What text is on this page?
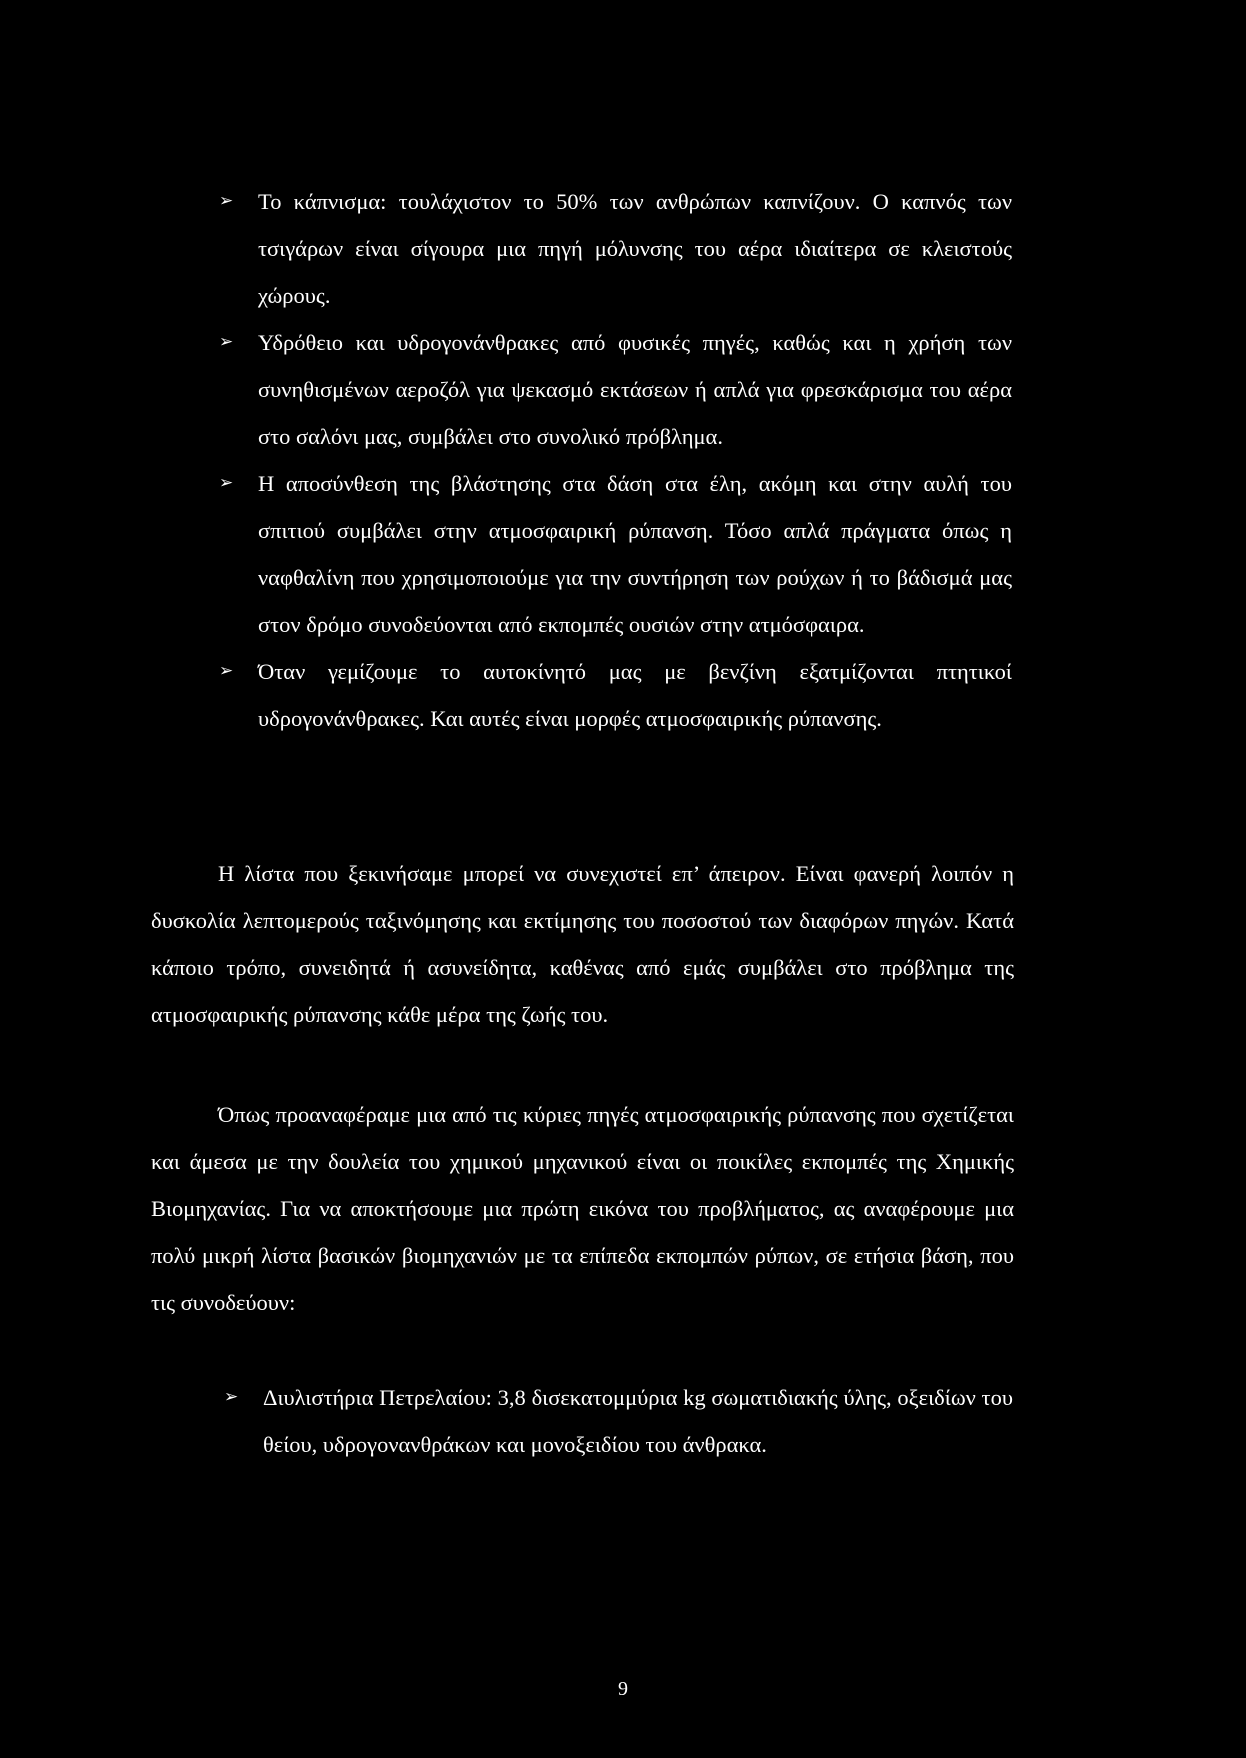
➢ Το κάπνισμα: τουλάχιστον το 50% των ανθρώπων καπνίζουν. Ο καπνός των τσιγάρων είναι σίγουρα μια πηγή μόλυνσης του αέρα ιδιαίτερα σε κλειστούς χώρους.
➢ Υδρόθειο και υδρογονάνθρακες από φυσικές πηγές, καθώς και η χρήση των συνηθισμένων αεροζόλ για ψεκασμό εκτάσεων ή απλά για φρεσκάρισμα του αέρα στο σαλόνι μας, συμβάλει στο συνολικό πρόβλημα.
➢ Η αποσύνθεση της βλάστησης στα δάση στα έλη, ακόμη και στην αυλή του σπιτιού συμβάλει στην ατμοσφαιρική ρύπανση. Τόσο απλά πράγματα όπως η ναφθαλίνη που χρησιμοποιούμε για την συντήρηση των ρούχων ή το βάδισμά μας στον δρόμο συνοδεύονται από εκπομπές ουσιών στην ατμόσφαιρα.
➢ Όταν γεμίζουμε το αυτοκίνητό μας με βενζίνη εξατμίζονται πτητικοί υδρογονάνθρακες. Και αυτές είναι μορφές ατμοσφαιρικής ρύπανσης.

Η λίστα που ξεκινήσαμε μπορεί να συνεχιστεί επ’ άπειρον. Είναι φανερή λοιπόν η δυσκολία λεπτομερούς ταξινόμησης και εκτίμησης του ποσοστού των διαφόρων πηγών. Κατά κάποιο τρόπο, συνειδητά ή ασυνείδητα, καθένας από εμάς συμβάλει στο πρόβλημα της ατμοσφαιρικής ρύπανσης κάθε μέρα της ζωής του.

Όπως προαναφέραμε μια από τις κύριες πηγές ατμοσφαιρικής ρύπανσης που σχετίζεται και άμεσα με την δουλεία του χημικού μηχανικού είναι οι ποικίλες εκπομπές της Χημικής Βιομηχανίας. Για να αποκτήσουμε μια πρώτη εικόνα του προβλήματος, ας αναφέρουμε μια πολύ μικρή λίστα βασικών βιομηχανιών με τα επίπεδα εκπομπών ρύπων, σε ετήσια βάση, που τις συνοδεύουν:

➢ Διυλιστήρια Πετρελαίου: 3,8 δισεκατομμύρια kg σωματιδιακής ύλης, οξειδίων του θείου, υδρογονανθράκων και μονοξειδίου του άνθρακα.

9
